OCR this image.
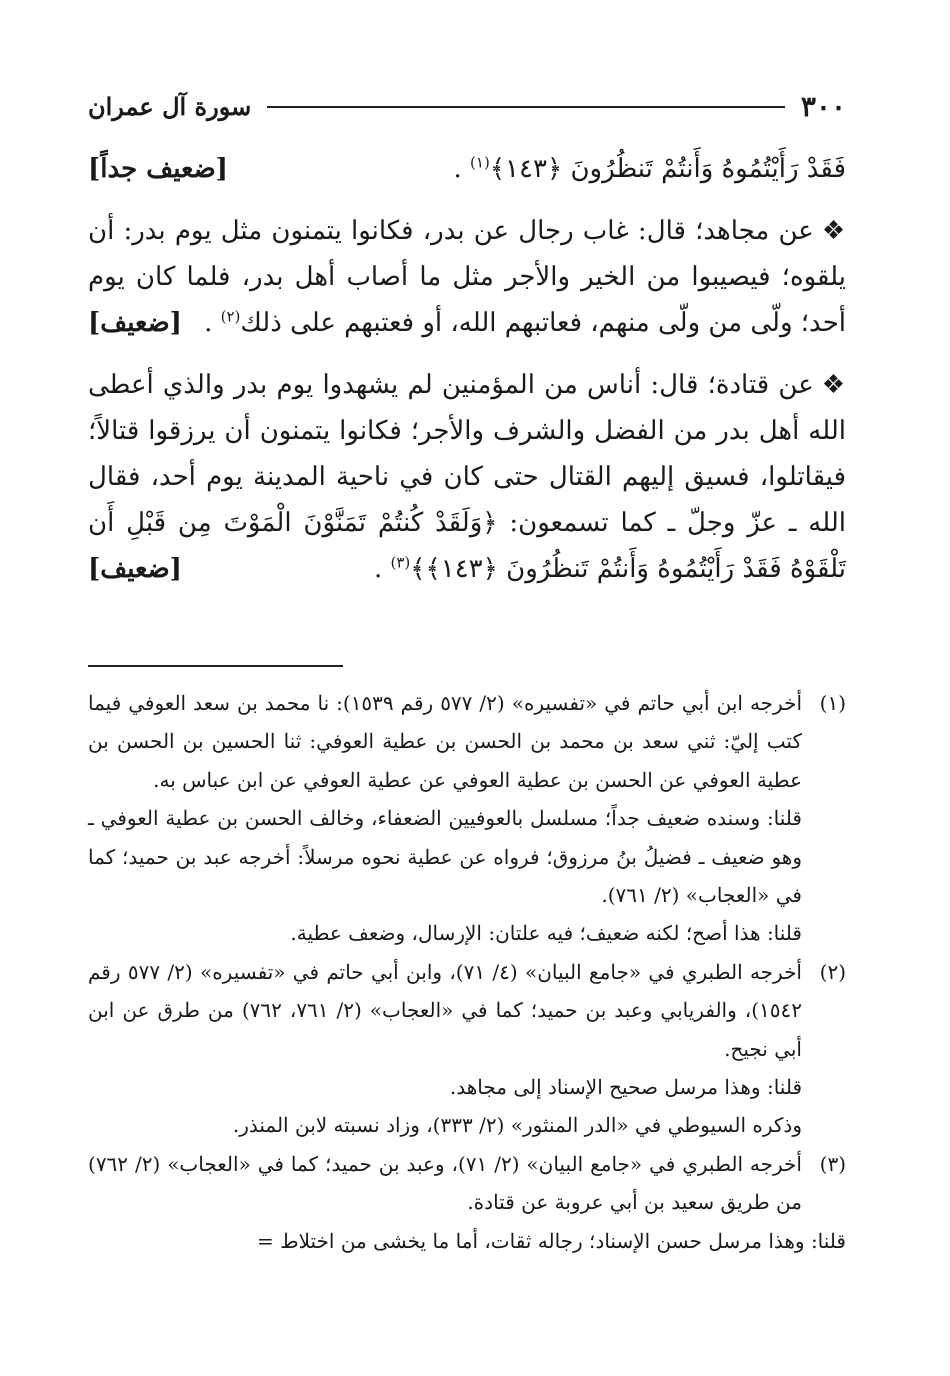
٣٠٠
سورة آل عمران
[ضعيف جداً]	فَقَدْ رَأَيْتُمُوهُ وَأَنتُمْ تَنظُرُونَ ﴿١٤٣﴾$^{(١)}$ .
❖عن مجاهد؛ قال: غاب رجال عن بدر، فكانوا يتمنون مثل يوم بدر: أن يلقوه؛ فيصيبوا من الخير والأجر مثل ما أصاب أهل بدر، فلما كان يوم أحد؛ ولّى من ولّى منهم، فعاتبهم الله، أو فعتبهم على ذلك$^{(٢)}$ .
[ضعيف]
❖عن قتادة؛ قال: أناس من المؤمنين لم يشهدوا يوم بدر والذي أعطى الله أهل بدر من الفضل والشرف والأجر؛ فكانوا يتمنون أن يرزقوا قتالاً؛ فيقاتلوا، فسيق إليهم القتال حتى كان في ناحية المدينة يوم أحد، فقال الله ـ عزّ وجلّ ـ كما تسمعون: ﴿وَلَقَدْ كُنتُمْ تَمَنَّوْنَ الْمَوْتَ مِن قَبْلِ أَن تَلْقَوْهُ فَقَدْ رَأَيْتُمُوهُ وَأَنتُمْ تَنظُرُونَ ﴿١٤٣﴾﴾$^{(٣)}$ .
[ضعيف]
(١)

أخرجه ابن أبي حاتم في «تفسيره» (٢/ ٥٧٧ رقم ١٥٣٩): نا محمد بن سعد العوفي فيما كتب إليّ: ثني سعد بن محمد بن الحسن بن عطية العوفي: ثنا الحسين بن الحسن بن عطية العوفي عن الحسن بن عطية العوفي عن عطية العوفي عن ابن عباس به.

قلنا: وسنده ضعيف جداً؛ مسلسل بالعوفيين الضعفاء، وخالف الحسن بن عطية العوفي ـ وهو ضعيف ـ فضيلُ بنُ مرزوق؛ فرواه عن عطية نحوه مرسلاً: أخرجه عبد بن حميد؛ كما في «العجاب» (٢/ ٧٦١).

قلنا: هذا أصح؛ لكنه ضعيف؛ فيه علتان: الإرسال، وضعف عطية.

(٢)

أخرجه الطبري في «جامع البيان» (٤/ ٧١)، وابن أبي حاتم في «تفسيره» (٢/ ٥٧٧ رقم ١٥٤٢)، والفريابي وعبد بن حميد؛ كما في «العجاب» (٢/ ٧٦١، ٧٦٢) من طرق عن ابن أبي نجيح.

قلنا: وهذا مرسل صحيح الإسناد إلى مجاهد.

وذكره السيوطي في «الدر المنثور» (٢/ ٣٣٣)، وزاد نسبته لابن المنذر.

(٣)

أخرجه الطبري في «جامع البيان» (٢/ ٧١)، وعبد بن حميد؛ كما في «العجاب» (٢/ ٧٦٢) من طريق سعيد بن أبي عروبة عن قتادة.

قلنا: وهذا مرسل حسن الإسناد؛ رجاله ثقات، أما ما يخشى من اختلاط =
